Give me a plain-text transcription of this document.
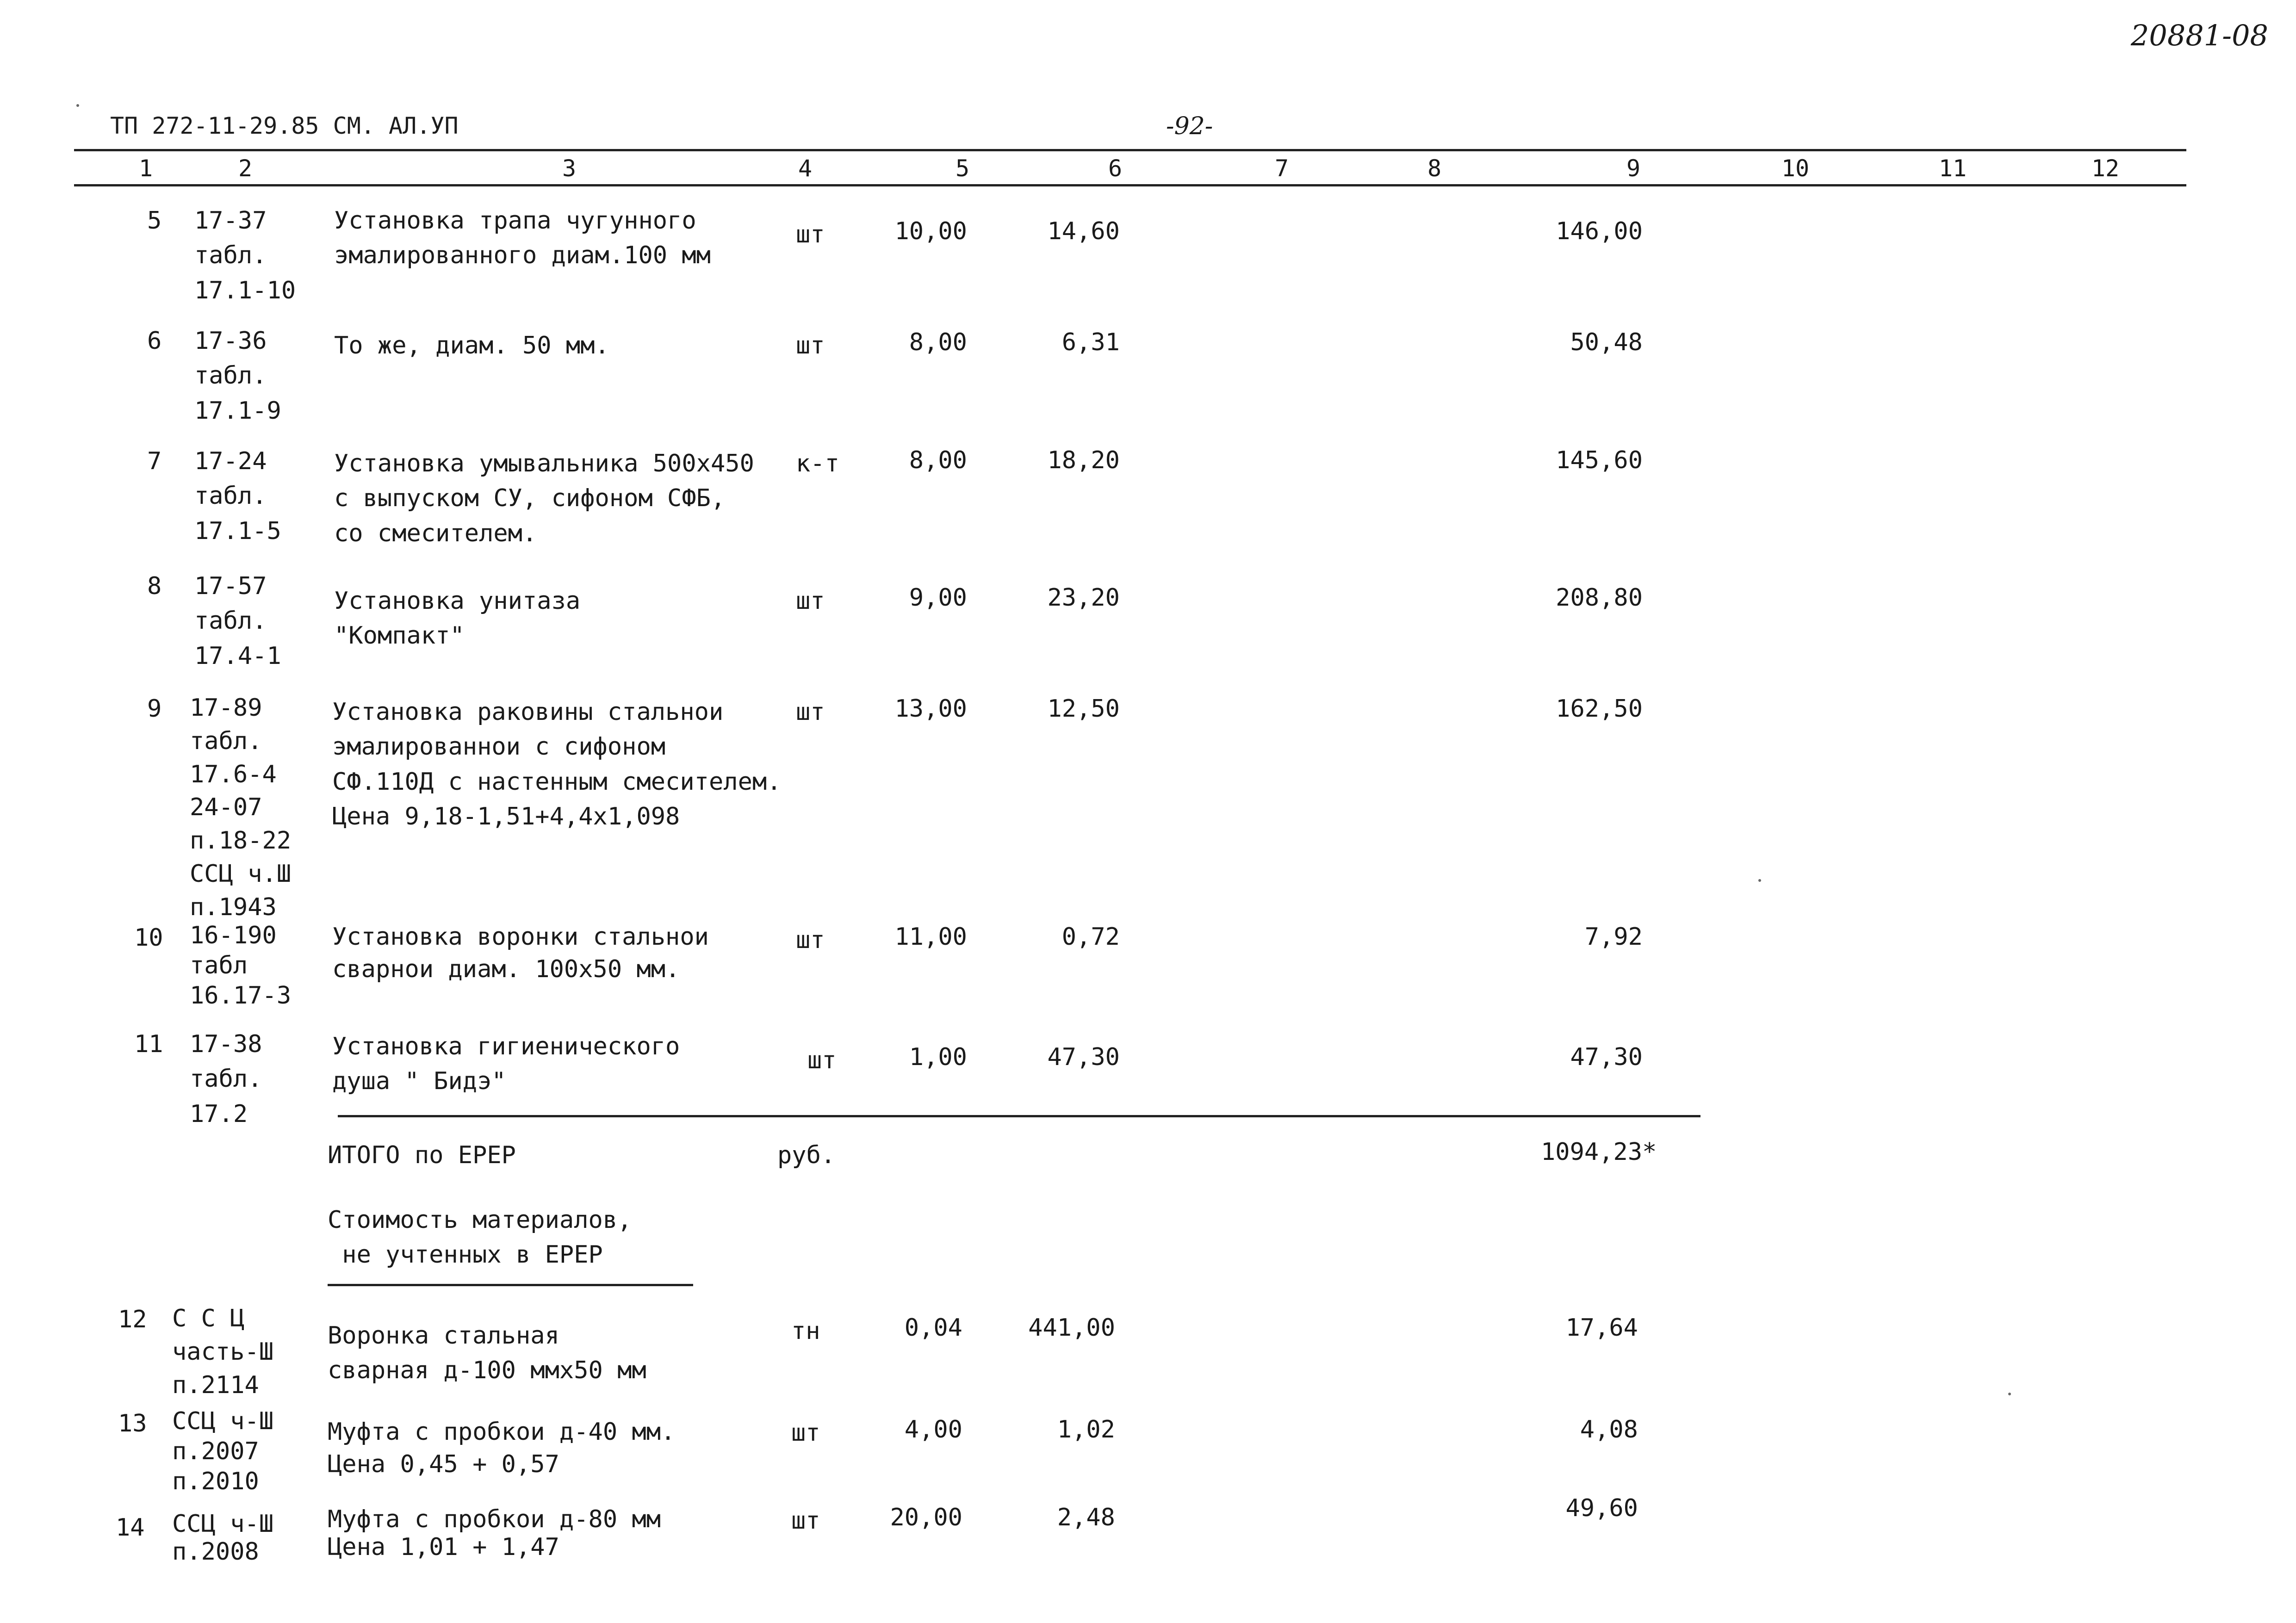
20881-08
ТП 272-11-29.85 СМ. АЛ.УП	-92-
1	2	3	4	5	6	7	8	9	10	11	12
5 17-37
табл.
17.1-10
Установка трапа чугунного
эмалированного диам.100 мм
шт	10,00	14,60	146,00
6 17-36
табл.
17.1-9
То же, диам. 50 мм.	шт	8,00	6,31	50,48
7 17-24
табл.
17.1-5
Установка умывальника 500х450
с выпуском СУ, сифоном СФБ,
со смесителем.
к-т	8,00	18,20	145,60
8 17-57
табл.
17.4-1
Установка унитаза
"Компакт"
шт	9,00	23,20	208,80
9 17-89
табл.
17.6-4
24-07
п.18-22
ССЦ ч.Ш
п.1943
Установка раковины стальнои
эмалированнои с сифоном
СФ.110Д с настенным смесителем.
Цена 9,18-1,51+4,4х1,098
шт	13,00	12,50	162,50
10 16-190
табл
16.17-3
Установка воронки стальнои
сварнои диам. 100х50 мм.
шт	11,00	0,72	7,92
11 17-38
табл.
17.2
Установка гигиенического
душа " Бидэ"
шт	1,00	47,30	47,30
ИТОГО по ЕРЕР	руб.	1094,23*
Стоимость материалов,
не учтенных в ЕРЕР
12 С С Ц
часть-Ш
п.2114
Воронка стальная
сварная д-100 ммх50 мм
тн	0,04	441,00	17,64
13 ССЦ ч-Ш
п.2007
п.2010
Муфта с пробкои д-40 мм.
Цена 0,45 + 0,57
шт	4,00	1,02	4,08
14 ССЦ ч-Ш
п.2008
Муфта с пробкои д-80 мм
Цена 1,01 + 1,47
шт	20,00	2,48	49,60
